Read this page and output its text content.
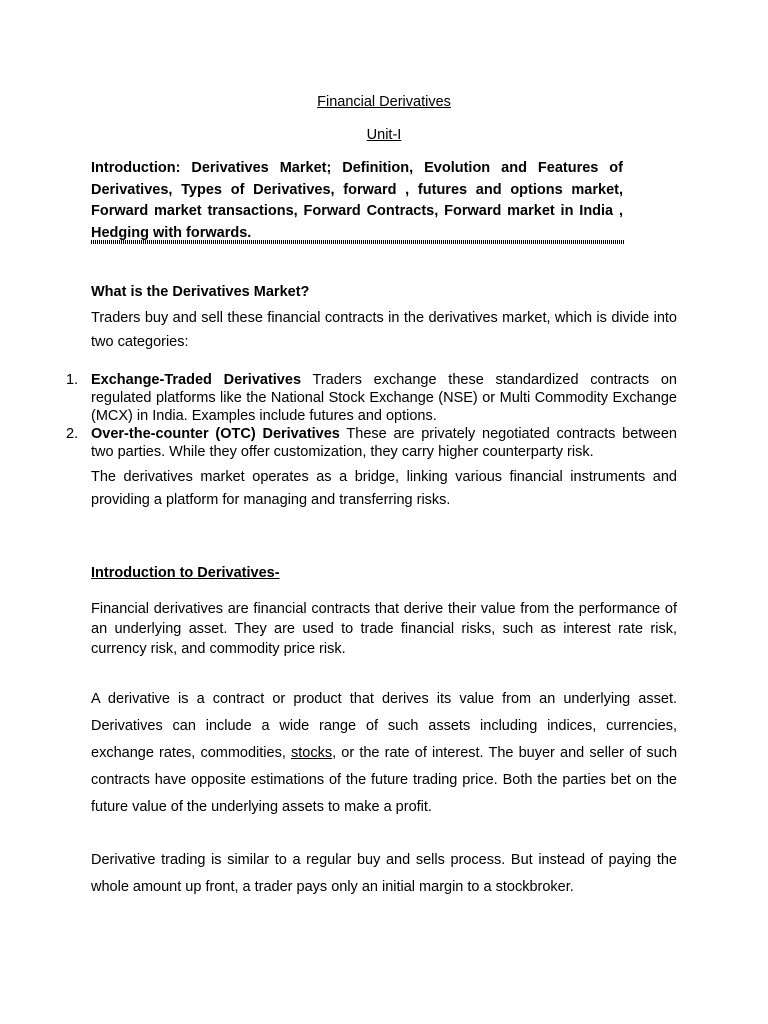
Financial Derivatives
Unit-I
Introduction: Derivatives Market; Definition, Evolution and Features of Derivatives, Types of Derivatives, forward , futures and options market, Forward market transactions, Forward Contracts, Forward market in India , Hedging with forwards.
What is the Derivatives Market?
Traders buy and sell these financial contracts in the derivatives market, which is divide into two categories:
1. Exchange-Traded Derivatives Traders exchange these standardized contracts on regulated platforms like the National Stock Exchange (NSE) or Multi Commodity Exchange (MCX) in India. Examples include futures and options.
2. Over-the-counter (OTC) Derivatives These are privately negotiated contracts between two parties. While they offer customization, they carry higher counterparty risk.
The derivatives market operates as a bridge, linking various financial instruments and providing a platform for managing and transferring risks.
Introduction to Derivatives-
Financial derivatives are financial contracts that derive their value from the performance of an underlying asset. They are used to trade financial risks, such as interest rate risk, currency risk, and commodity price risk.
A derivative is a contract or product that derives its value from an underlying asset. Derivatives can include a wide range of such assets including indices, currencies, exchange rates, commodities, stocks, or the rate of interest. The buyer and seller of such contracts have opposite estimations of the future trading price. Both the parties bet on the future value of the underlying assets to make a profit.
Derivative trading is similar to a regular buy and sells process. But instead of paying the whole amount up front, a trader pays only an initial margin to a stockbroker.
